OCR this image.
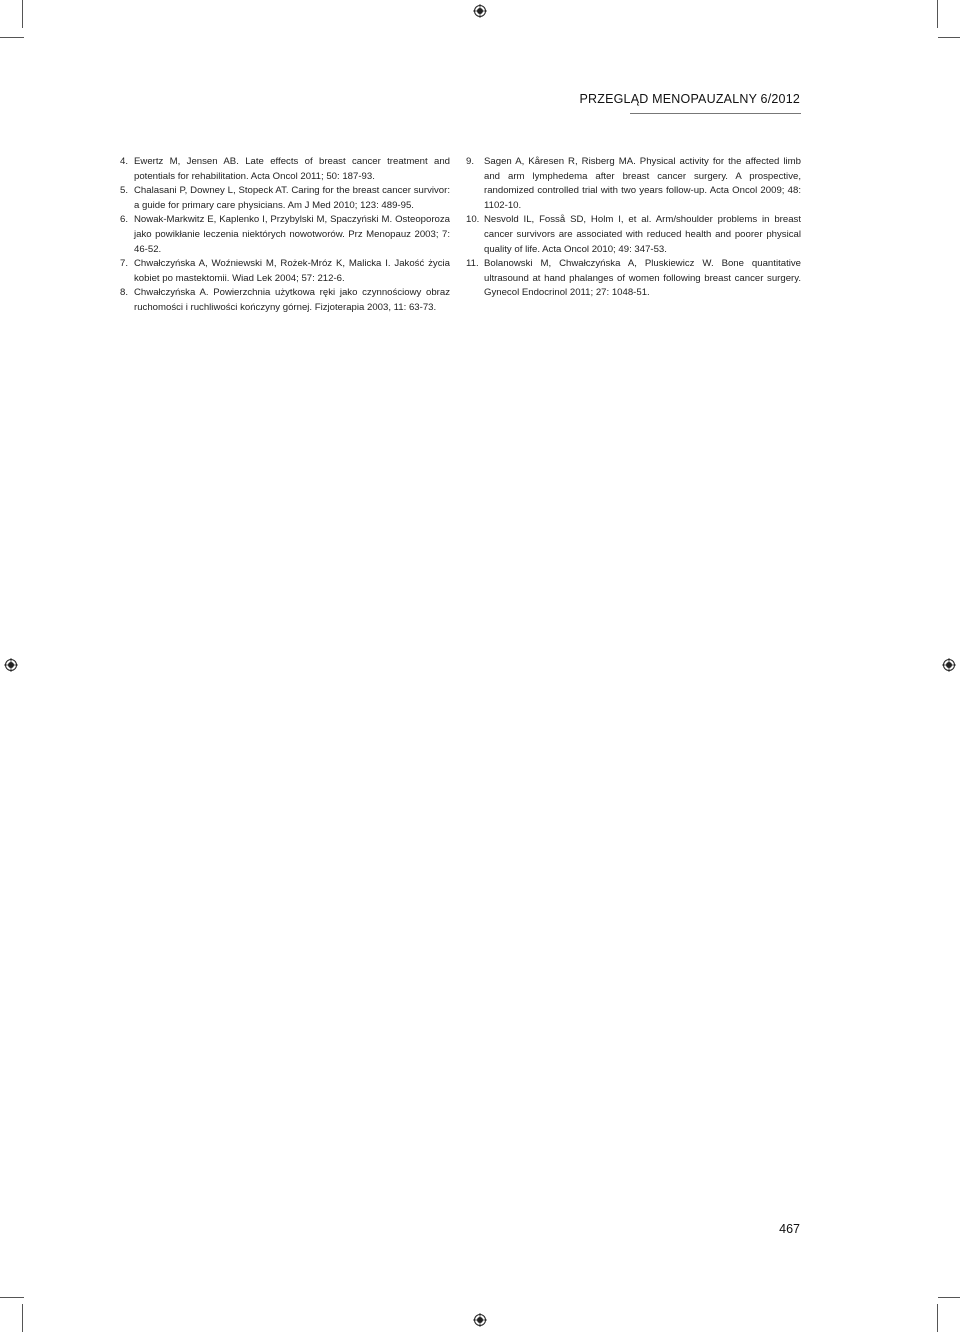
PRZEGLĄD MENOPAUZALNY 6/2012
4. Ewertz M, Jensen AB. Late effects of breast cancer treatment and potentials for rehabilitation. Acta Oncol 2011; 50: 187-93.
5. Chalasani P, Downey L, Stopeck AT. Caring for the breast cancer survivor: a guide for primary care physicians. Am J Med 2010; 123: 489-95.
6. Nowak-Markwitz E, Kaplenko I, Przybylski M, Spaczyński M. Osteoporoza jako powikłanie leczenia niektórych nowotworów. Prz Menopauz 2003; 7: 46-52.
7. Chwałczyńska A, Woźniewski M, Rożek-Mróz K, Malicka I. Jakość życia kobiet po mastektomii. Wiad Lek 2004; 57: 212-6.
8. Chwałczyńska A. Powierzchnia użytkowa ręki jako czynnościowy obraz ruchomości i ruchliwości kończyny górnej. Fizjoterapia 2003, 11: 63-73.
9.	Sagen A, Kåresen R, Risberg MA. Physical activity for the affected limb and arm lymphedema after breast cancer surgery. A prospective, randomized controlled trial with two years follow-up. Acta Oncol 2009; 48: 1102-10.
10. Nesvold IL, Fosså SD, Holm I, et al. Arm/shoulder problems in breast cancer survivors are associated with reduced health and poorer physical quality of life. Acta Oncol 2010; 49: 347-53.
11. Bolanowski M, Chwałczyńska A, Pluskiewicz W. Bone quantitative ultrasound at hand phalanges of women following breast cancer surgery. Gynecol Endocrinol 2011; 27: 1048-51.
467
